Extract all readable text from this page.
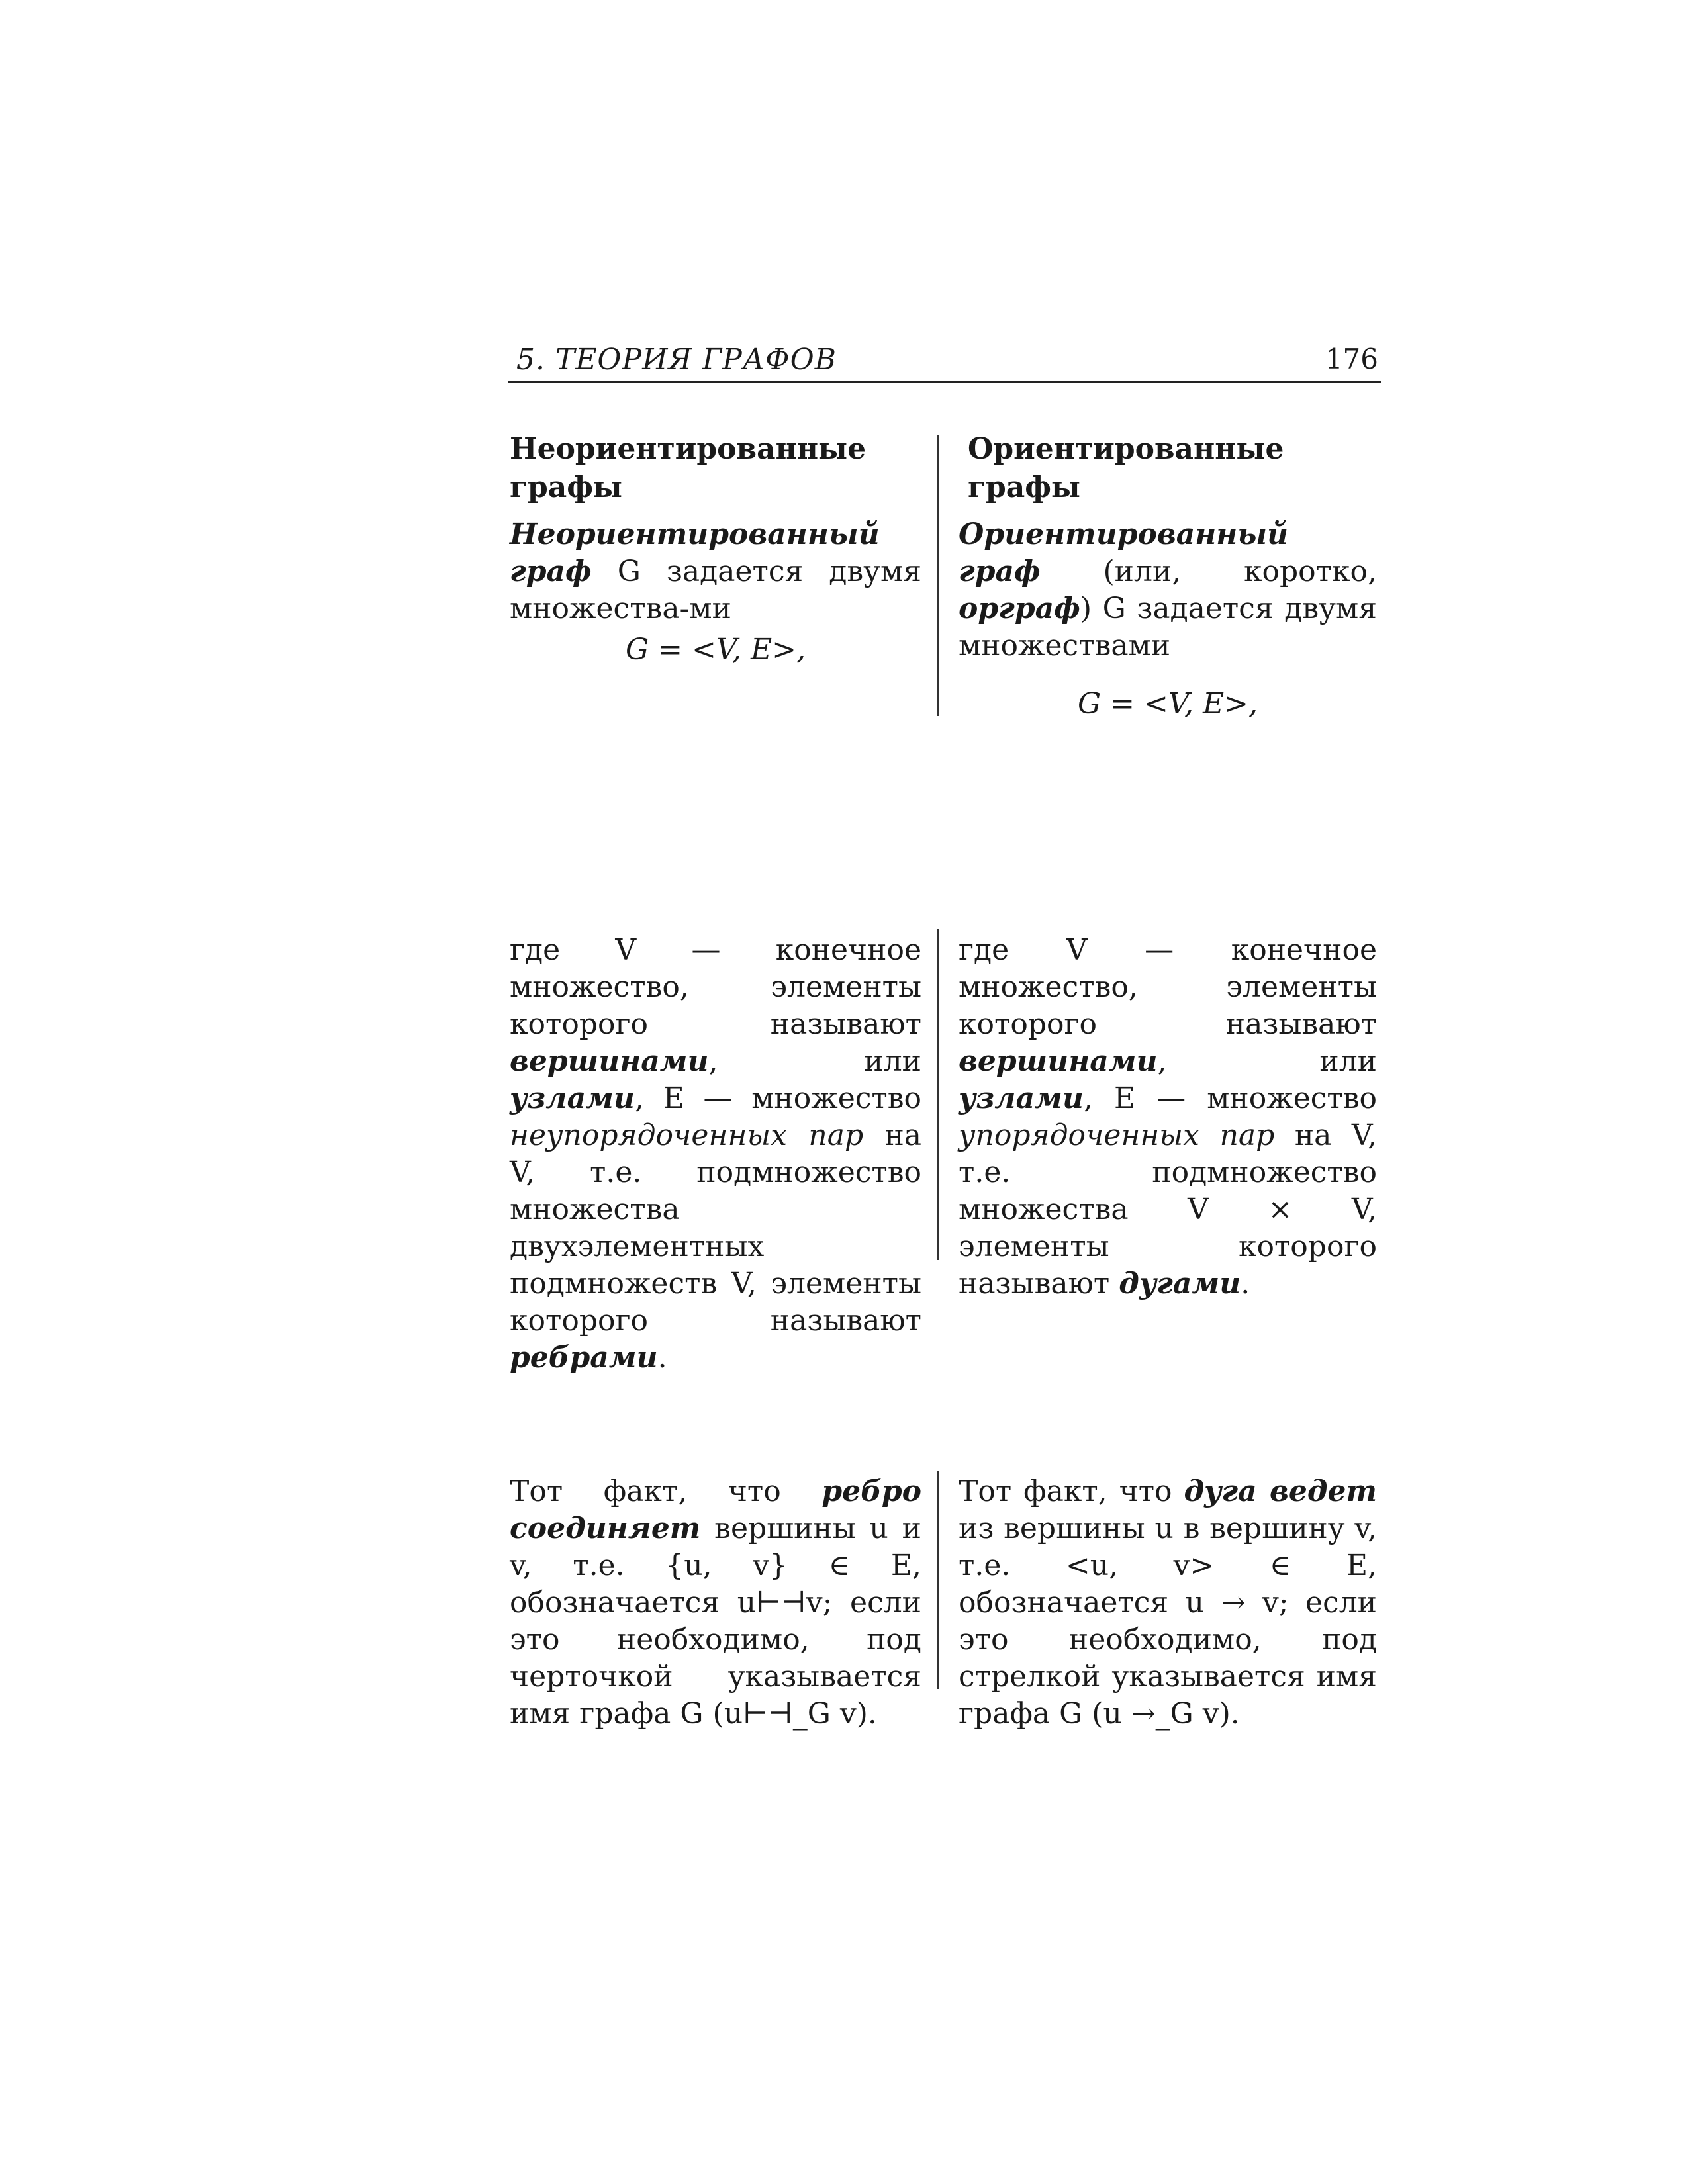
5. ТЕОРИЯ ГРАФОВ	176
Неориентированные графы

Неориентированный граф G задается двумя множества-ми

G = <V, E>,

Ориентированные графы

Ориентированный граф (или, коротко, орграф) G задается двумя множествами

G = <V, E>,

где V — конечное множество, элементы которого называют вершинами, или узлами, E — множество неупорядоченных пар на V, т.е. подмножество множества двухэлементных подмножеств V, элементы которого называют ребрами.
где V — конечное множество, элементы которого называют вершинами, или узлами, E — множество упорядоченных пар на V, т.е. подмножество множества V × V, элементы которого называют дугами.
Тот факт, что ребро соединяет вершины u и v, т.е. {u, v} ∈ E, обозначается u⊢⊣v; если это необходимо, под черточкой указывается имя графа G (u⊢⊣_G v).
Тот факт, что дуга ведет из вершины u в вершину v, т.е. <u, v> ∈ E, обозначается u → v; если это необходимо, под стрелкой указывается имя графа G (u →_G v).
